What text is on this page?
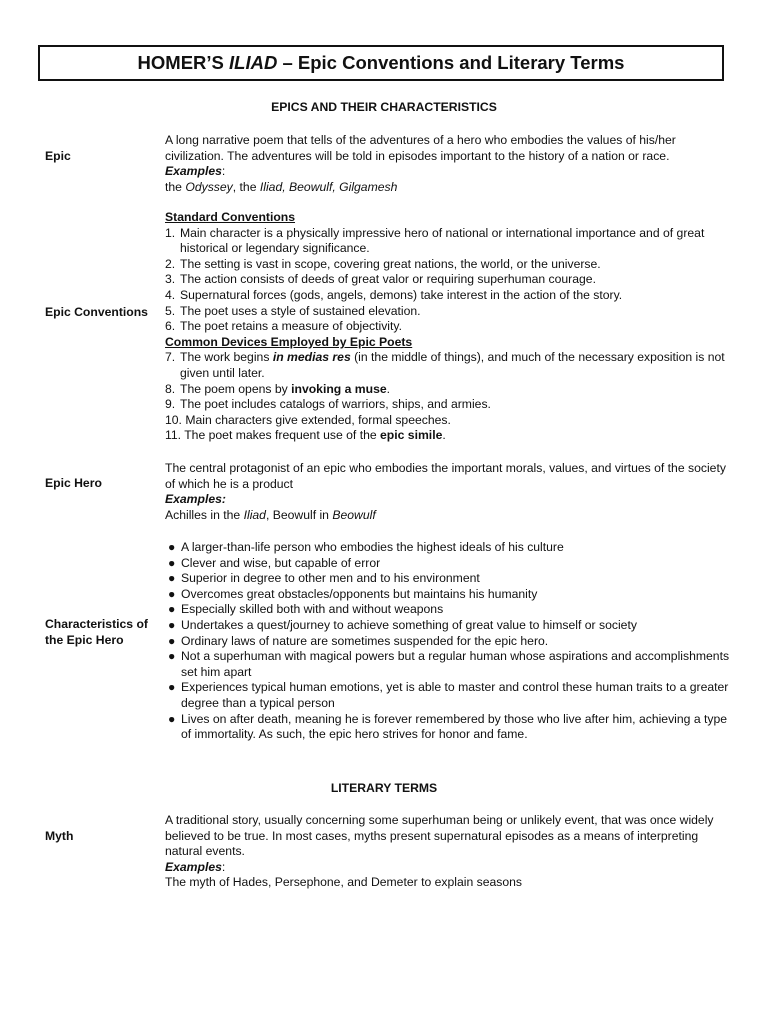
HOMER’S ILIAD – Epic Conventions and Literary Terms
EPICS AND THEIR CHARACTERISTICS
Epic

A long narrative poem that tells of the adventures of a hero who embodies the values of his/her civilization. The adventures will be told in episodes important to the history of a nation or race.

Examples:

the Odyssey, the Iliad, Beowulf, Gilgamesh

Epic Conventions

Standard Conventions

1. Main character is a physically impressive hero of national or international importance and of great historical or legendary significance.
2. The setting is vast in scope, covering great nations, the world, or the universe.
3. The action consists of deeds of great valor or requiring superhuman courage.
4. Supernatural forces (gods, angels, demons) take interest in the action of the story.
5. The poet uses a style of sustained elevation.
6. The poet retains a measure of objectivity.

Common Devices Employed by Epic Poets

7. The work begins in medias res (in the middle of things), and much of the necessary exposition is not given until later.
8. The poem opens by invoking a muse.
9. The poet includes catalogs of warriors, ships, and armies.
10. Main characters give extended, formal speeches.
11. The poet makes frequent use of the epic simile.
Epic Hero

The central protagonist of an epic who embodies the important morals, values, and virtues of the society of which he is a product

Examples:

Achilles in the Iliad, Beowulf in Beowulf

Characteristics of the Epic Hero
● A larger-than-life person who embodies the highest ideals of his culture
● Clever and wise, but capable of error
● Superior in degree to other men and to his environment
● Overcomes great obstacles/opponents but maintains his humanity
● Especially skilled both with and without weapons
● Undertakes a quest/journey to achieve something of great value to himself or society
● Ordinary laws of nature are sometimes suspended for the epic hero.
● Not a superhuman with magical powers but a regular human whose aspirations and accomplishments set him apart
● Experiences typical human emotions, yet is able to master and control these human traits to a greater degree than a typical person
● Lives on after death, meaning he is forever remembered by those who live after him, achieving a type of immortality. As such, the epic hero strives for honor and fame.
LITERARY TERMS
Myth

A traditional story, usually concerning some superhuman being or unlikely event, that was once widely believed to be true. In most cases, myths present supernatural episodes as a means of interpreting natural events.

Examples:

The myth of Hades, Persephone, and Demeter to explain seasons
